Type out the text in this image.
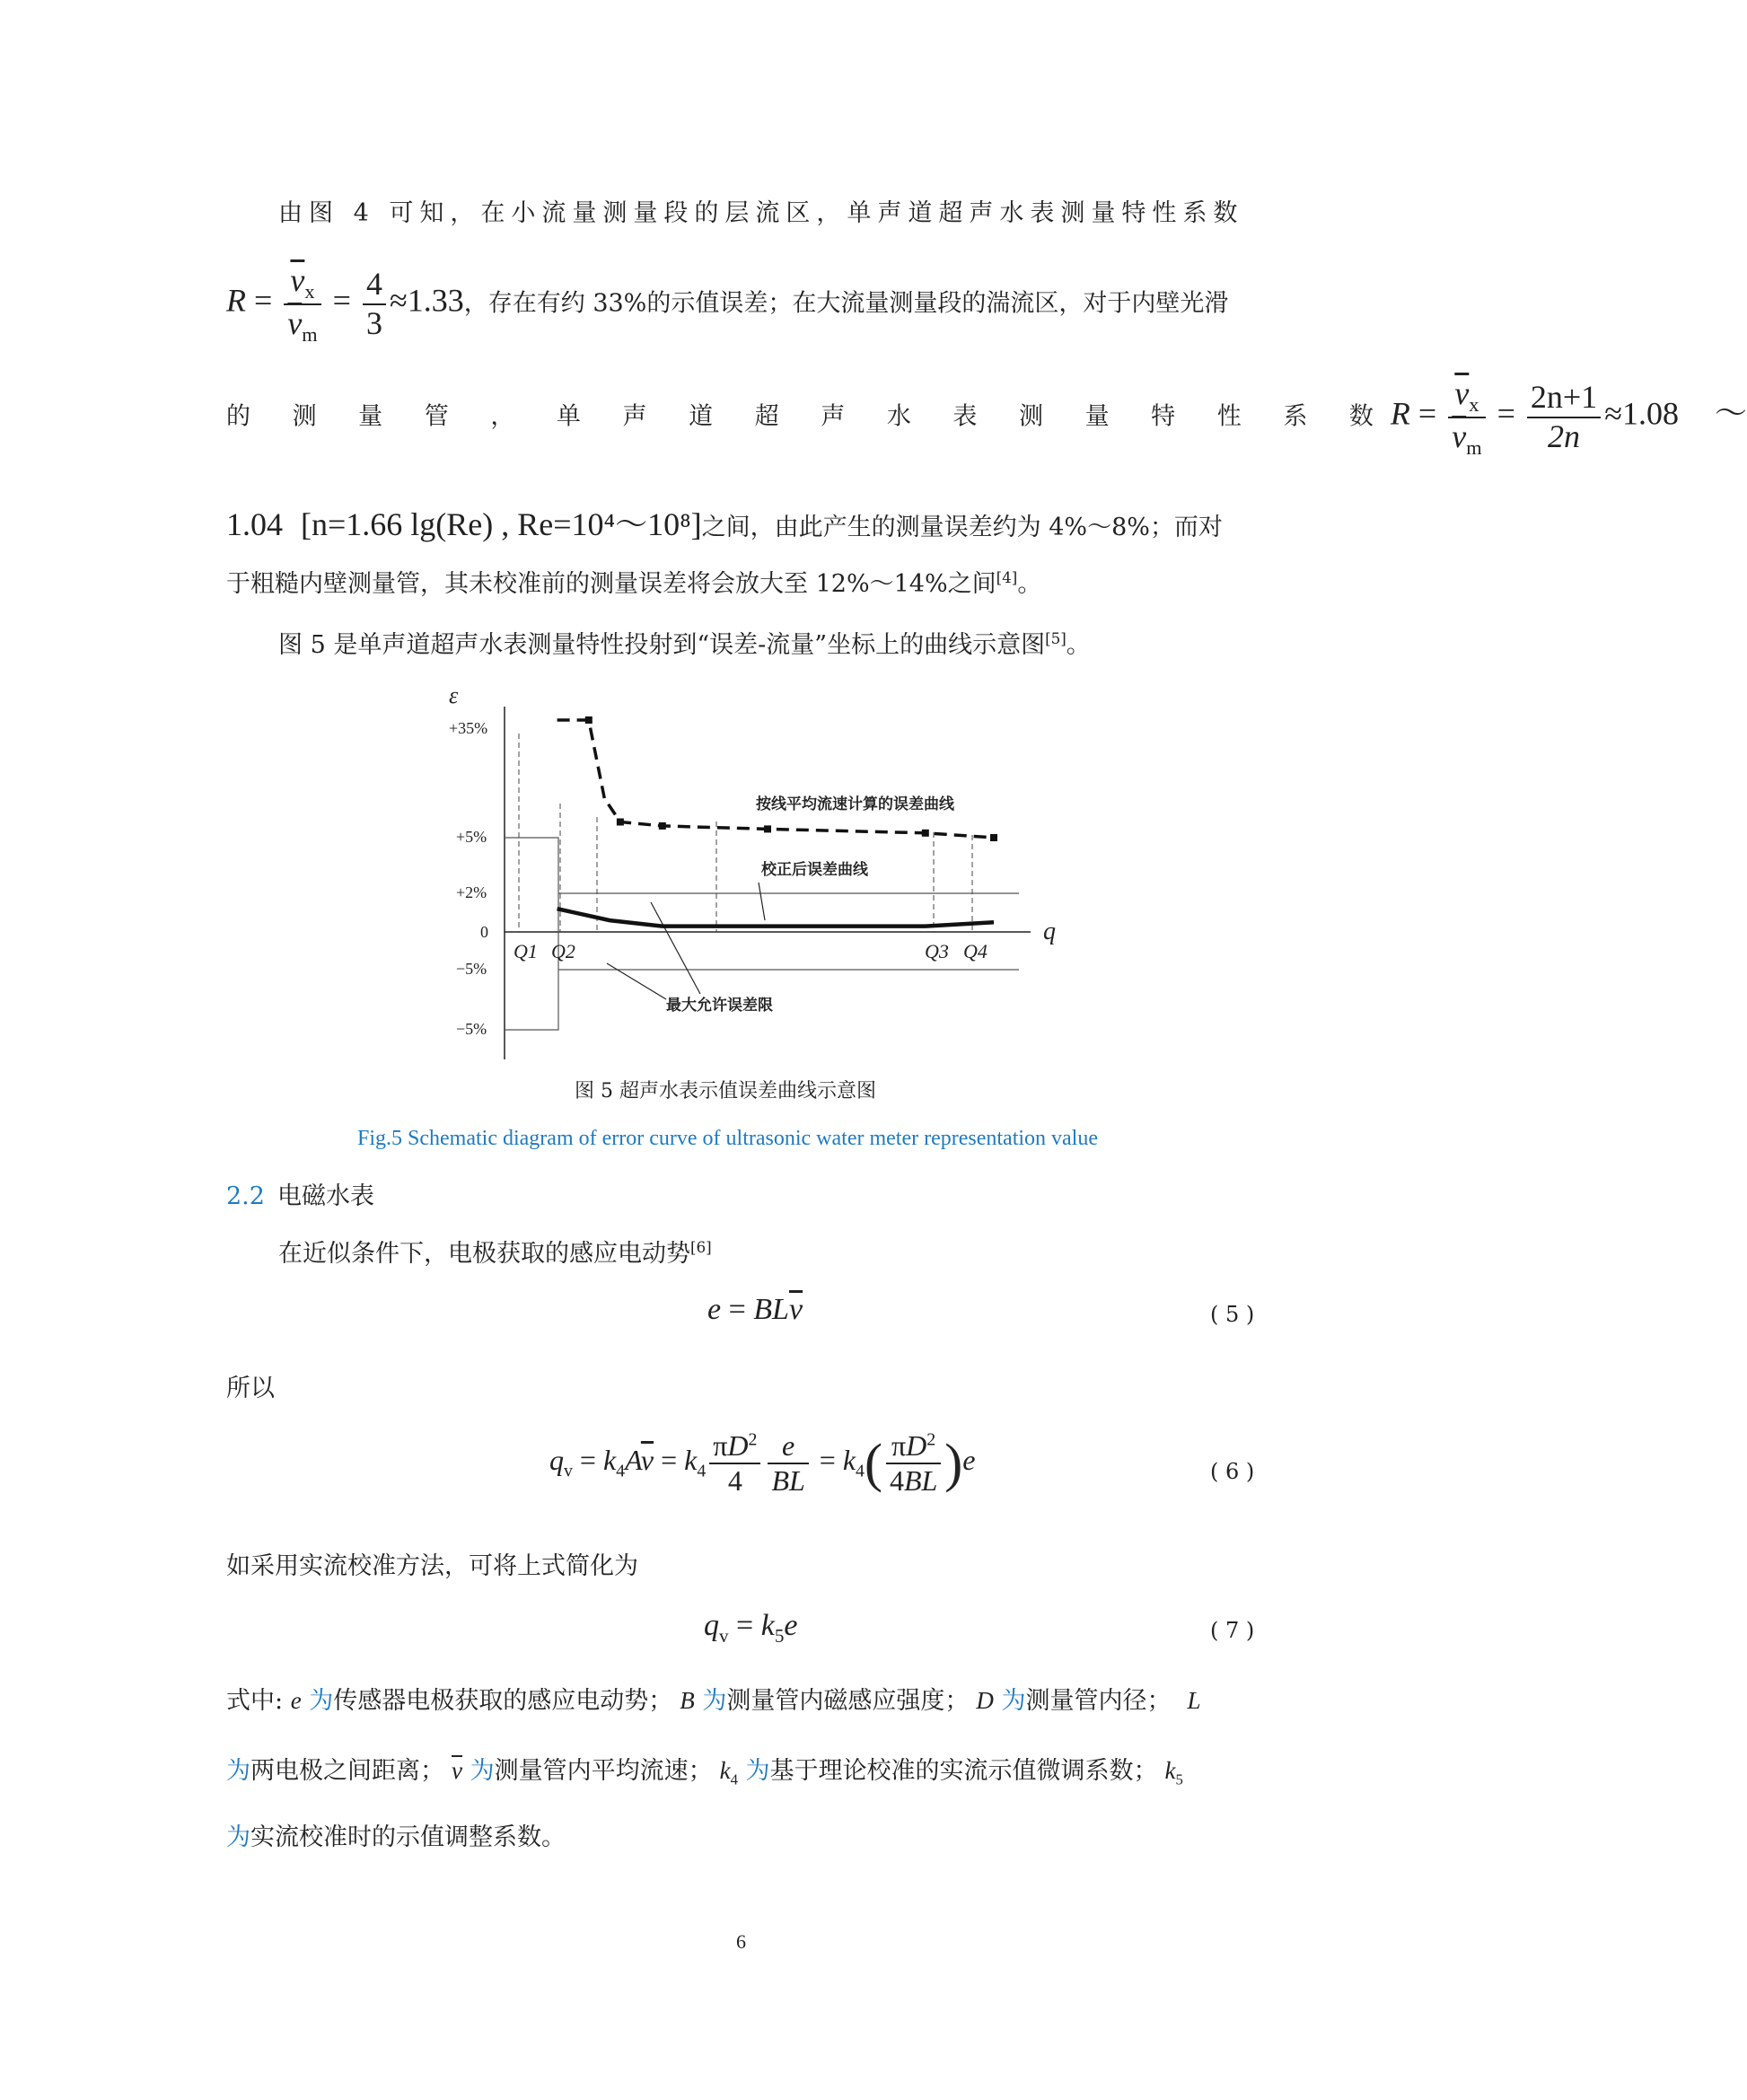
由图 4 可知，在小流量测量段的层流区，单声道超声水表测量特性系数
$R = \frac{\overline{v}_x}{\overline{v}_m} = \frac{4}{3} \approx 1.33$，存在有约 33%的示值误差；在大流量测量段的湍流区，对于内壁光滑
的 测 量 管 ， 单 声 道 超 声 水 表 测 量 特 性 系 数$R = \frac{\overline{v}_x}{\overline{v}_m} = \frac{2n+1}{2n} \approx 1.08$ ～
1.04 [n=1.66 lg(Re) , Re=10⁴～10⁸]之间，由此产生的测量误差约为 4%～8%；而对
于粗糙内壁测量管，其未校准前的测量误差将会放大至 12%～14%之间[4]。
图 5 是单声道超声水表测量特性投射到“误差-流量”坐标上的曲线示意图[5]。
ε
q
+35%
+5%
+2%
0
−5%
−5%
Q1 Q2	Q3 Q4
按线平均流速计算的误差曲线
校正后误差曲线
最大允许误差限
图 5 超声水表示值误差曲线示意图
Fig.5 Schematic diagram of error curve of ultrasonic water meter representation value
2.2 电磁水表
在近似条件下，电极获取的感应电动势[6]
$e = BL\overline{v}$	( 5 )
所以
$q_v = k_4A\overline{v} = k_4 \frac{\pi D^2}{4} \frac{e}{BL} = k_4( \frac{\pi D^2}{4BL} )e$	( 6 )
如采用实流校准方法，可将上式简化为
$q_v = k_5e$	( 7 )
式中: e 为传感器电极获取的感应电动势； B 为测量管内磁感应强度； D 为测量管内径； L
为两电极之间距离； $\overline{v}$ 为测量管内平均流速； $k_4$ 为基于理论校准的实流示值微调系数； $k_5$
为实流校准时的示值调整系数。
6
